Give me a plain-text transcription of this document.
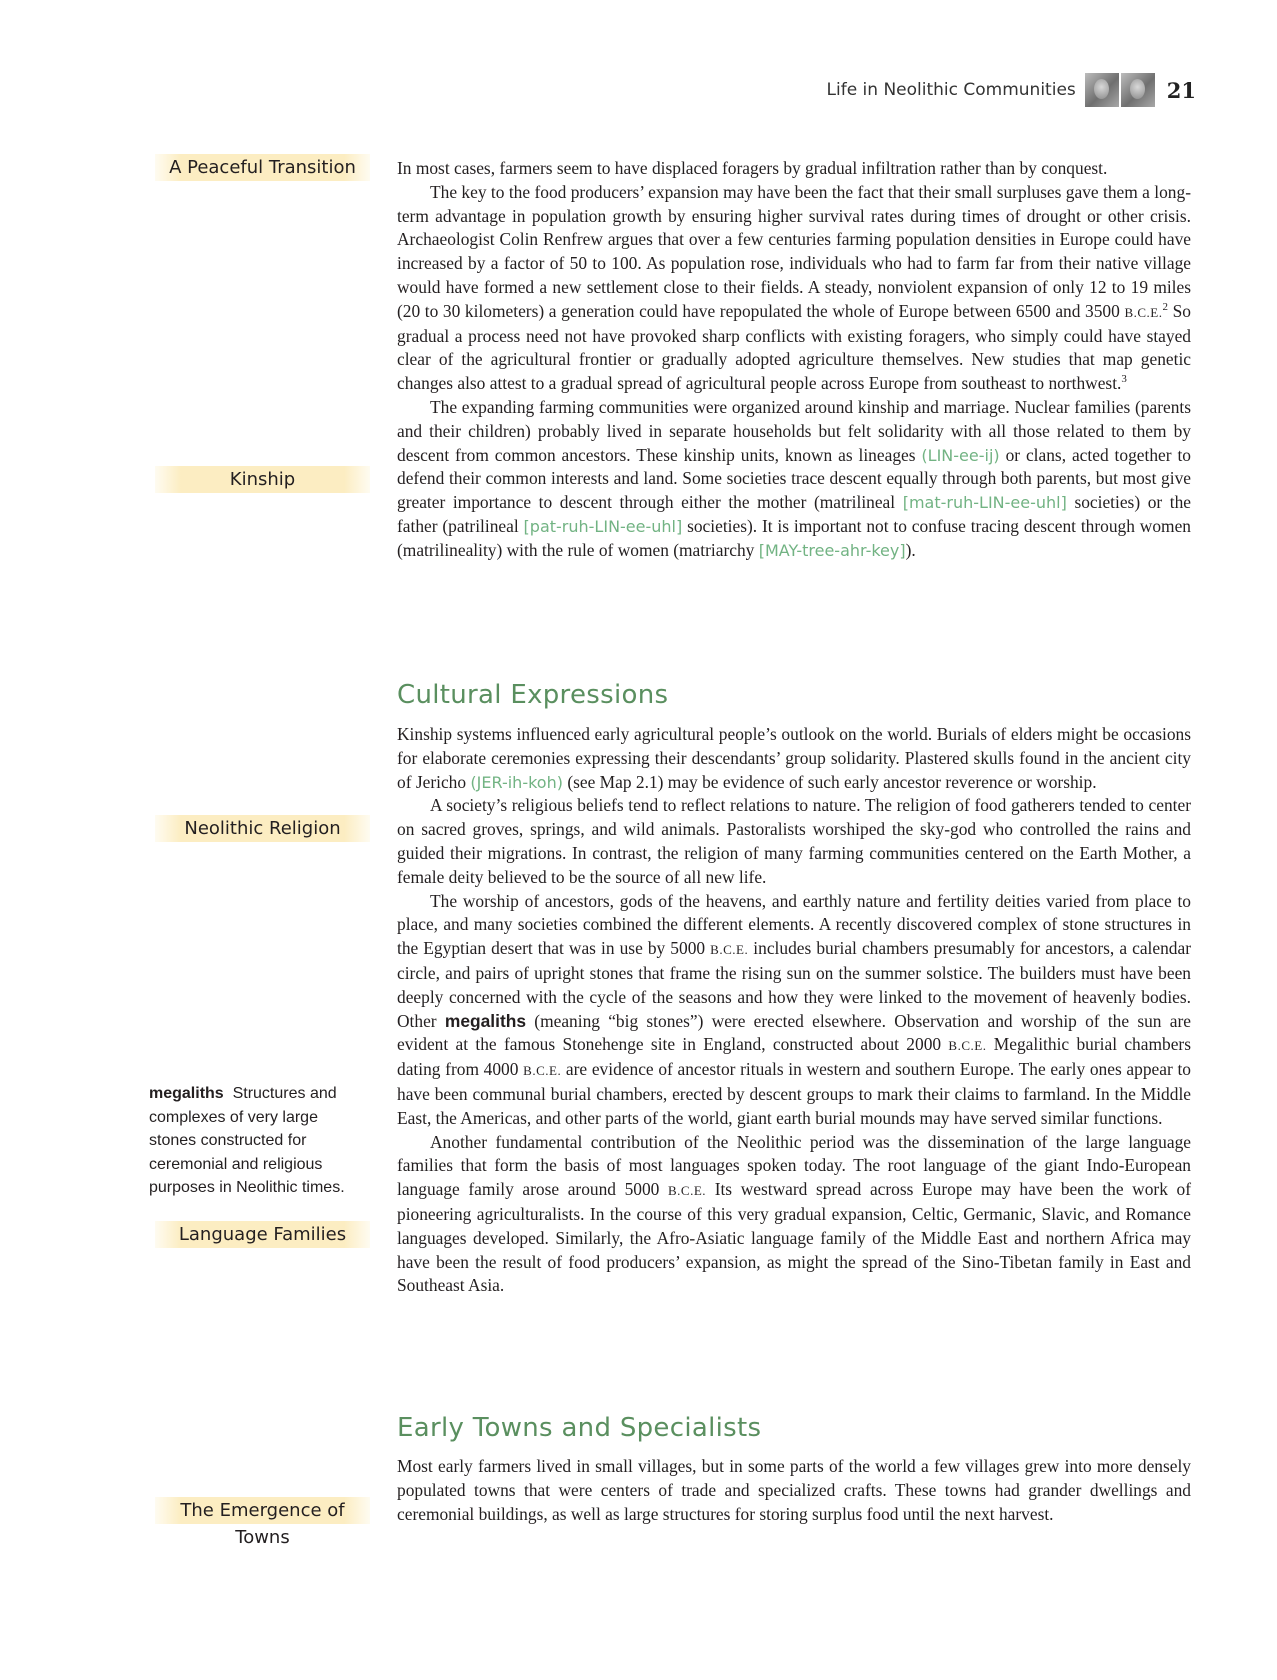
Life in Neolithic Communities	21
A Peaceful Transition
Kinship
Neolithic Religion
Language Families
The Emergence of Towns
megaliths Structures and complexes of very large stones constructed for ceremonial and religious purposes in Neolithic times.

In most cases, farmers seem to have displaced foragers by gradual infiltration rather than by conquest.

The key to the food producers’ expansion may have been the fact that their small surpluses gave them a long-term advantage in population growth by ensuring higher survival rates during times of drought or other crisis. Archaeologist Colin Renfrew argues that over a few centuries farming population densities in Europe could have increased by a factor of 50 to 100. As population rose, individuals who had to farm far from their native village would have formed a new settlement close to their fields. A steady, nonviolent expansion of only 12 to 19 miles (20 to 30 kilometers) a generation could have repopulated the whole of Europe between 6500 and 3500 B.C.E.$^2$ So gradual a process need not have provoked sharp conflicts with existing foragers, who simply could have stayed clear of the agricultural frontier or gradually adopted agriculture themselves. New studies that map genetic changes also attest to a gradual spread of agricultural people across Europe from southeast to northwest.$^3$

The expanding farming communities were organized around kinship and marriage. Nuclear families (parents and their children) probably lived in separate households but felt solidarity with all those related to them by descent from common ancestors. These kinship units, known as lineages (LIN-ee-ij) or clans, acted together to defend their common interests and land. Some societies trace descent equally through both parents, but most give greater importance to descent through either the mother (matrilineal [mat-ruh-LIN-ee-uhl] societies) or the father (patrilineal [pat-ruh-LIN-ee-uhl] societies). It is important not to confuse tracing descent through women (matrilineality) with the rule of women (matriarchy [MAY-tree-ahr-key]).

Cultural Expressions

Kinship systems influenced early agricultural people’s outlook on the world. Burials of elders might be occasions for elaborate ceremonies expressing their descendants’ group solidarity. Plastered skulls found in the ancient city of Jericho (JER-ih-koh) (see Map 2.1) may be evidence of such early ancestor reverence or worship.

A society’s religious beliefs tend to reflect relations to nature. The religion of food gatherers tended to center on sacred groves, springs, and wild animals. Pastoralists worshiped the sky-god who controlled the rains and guided their migrations. In contrast, the religion of many farming communities centered on the Earth Mother, a female deity believed to be the source of all new life.

The worship of ancestors, gods of the heavens, and earthly nature and fertility deities varied from place to place, and many societies combined the different elements. A recently discovered complex of stone structures in the Egyptian desert that was in use by 5000 B.C.E. includes burial chambers presumably for ancestors, a calendar circle, and pairs of upright stones that frame the rising sun on the summer solstice. The builders must have been deeply concerned with the cycle of the seasons and how they were linked to the movement of heavenly bodies. Other megaliths (meaning “big stones”) were erected elsewhere. Observation and worship of the sun are evident at the famous Stonehenge site in England, constructed about 2000 B.C.E. Megalithic burial chambers dating from 4000 B.C.E. are evidence of ancestor rituals in western and southern Europe. The early ones appear to have been communal burial chambers, erected by descent groups to mark their claims to farmland. In the Middle East, the Americas, and other parts of the world, giant earth burial mounds may have served similar functions.

Another fundamental contribution of the Neolithic period was the dissemination of the large language families that form the basis of most languages spoken today. The root language of the giant Indo-European language family arose around 5000 B.C.E. Its westward spread across Europe may have been the work of pioneering agriculturalists. In the course of this very gradual expansion, Celtic, Germanic, Slavic, and Romance languages developed. Similarly, the Afro-Asiatic language family of the Middle East and northern Africa may have been the result of food producers’ expansion, as might the spread of the Sino-Tibetan family in East and Southeast Asia.

Early Towns and Specialists

Most early farmers lived in small villages, but in some parts of the world a few villages grew into more densely populated towns that were centers of trade and specialized crafts. These towns had grander dwellings and ceremonial buildings, as well as large structures for storing surplus food until the next harvest.
